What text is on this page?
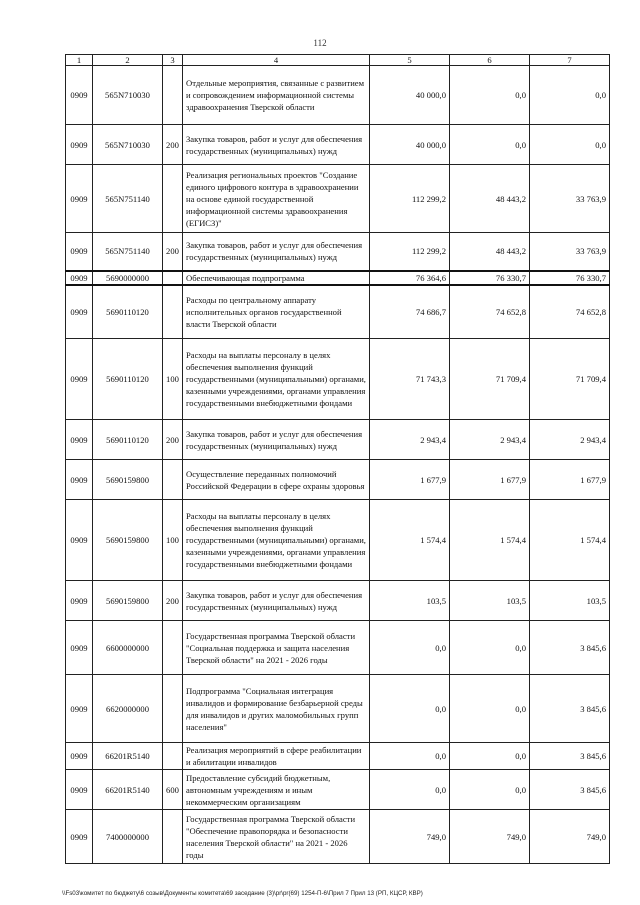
112
1	2	3	4	5	6	7
0909	565N710030		Отдельные мероприятия, связанные с развитием и сопровождением информационной системы здравоохранения Тверской области	40 000,0	0,0	0,0
0909	565N710030	200	Закупка товаров, работ и услуг для обеспечения государственных (муниципальных) нужд	40 000,0	0,0	0,0
0909	565N751140		Реализация региональных проектов "Создание единого цифрового контура в здравоохранении на основе единой государственной информационной системы здравоохранения (ЕГИСЗ)"	112 299,2	48 443,2	33 763,9
0909	565N751140	200	Закупка товаров, работ и услуг для обеспечения государственных (муниципальных) нужд	112 299,2	48 443,2	33 763,9
0909	5690000000		Обеспечивающая подпрограмма	76 364,6	76 330,7	76 330,7
0909	5690110120		Расходы по центральному аппарату исполнительных органов государственной власти Тверской области	74 686,7	74 652,8	74 652,8
0909	5690110120	100	Расходы на выплаты персоналу в целях обеспечения выполнения функций государственными (муниципальными) органами, казенными учреждениями, органами управления государственными внебюджетными фондами	71 743,3	71 709,4	71 709,4
0909	5690110120	200	Закупка товаров, работ и услуг для обеспечения государственных (муниципальных) нужд	2 943,4	2 943,4	2 943,4
0909	5690159800		Осуществление переданных полномочий Российской Федерации в сфере охраны здоровья	1 677,9	1 677,9	1 677,9
0909	5690159800	100	Расходы на выплаты персоналу в целях обеспечения выполнения функций государственными (муниципальными) органами, казенными учреждениями, органами управления государственными внебюджетными фондами	1 574,4	1 574,4	1 574,4
0909	5690159800	200	Закупка товаров, работ и услуг для обеспечения государственных (муниципальных) нужд	103,5	103,5	103,5
0909	6600000000		Государственная программа Тверской области "Социальная поддержка и защита населения Тверской области" на 2021 - 2026 годы	0,0	0,0	3 845,6
0909	6620000000		Подпрограмма "Социальная интеграция инвалидов и формирование безбарьерной среды для инвалидов и других маломобильных групп населения"	0,0	0,0	3 845,6
0909	66201R5140		Реализация мероприятий в сфере реабилитации и абилитации инвалидов	0,0	0,0	3 845,6
0909	66201R5140	600	Предоставление субсидий бюджетным, автономным учреждениям и иным некоммерческим организациям	0,0	0,0	3 845,6
0909	7400000000		Государственная программа Тверской области "Обеспечение правопорядка и безопасности населения Тверской области" на 2021 - 2026 годы	749,0	749,0	749,0
\\Fs03\комитет по бюджету\6 созыв\Документы комитета\69 заседание (3)\pr\pr(69) 1254-П-6\Прил 7 Прил 13 (РП, КЦСР, КВР)
